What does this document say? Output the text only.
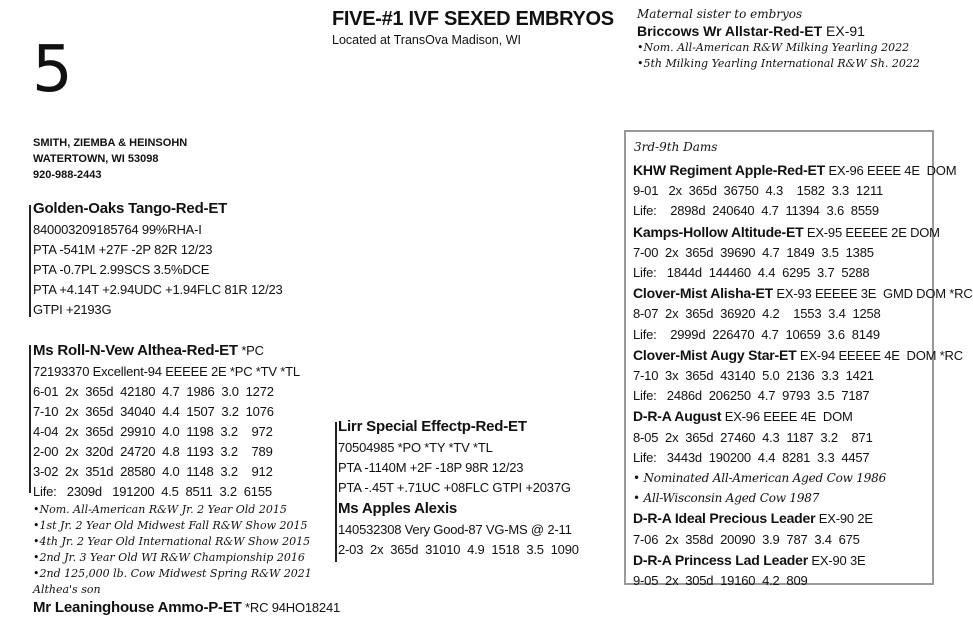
5
FIVE-#1 IVF SEXED EMBRYOS
Located at TransOva Madison, WI
SMITH, ZIEMBA & HEINSOHN
WATERTOWN, WI 53098
920-988-2443
Maternal sister to embryos
Briccows Wr Allstar-Red-ET EX-91
•Nom. All-American R&W Milking Yearling 2022
•5th Milking Yearling International R&W Sh. 2022
Golden-Oaks Tango-Red-ET
840003209185764 99%RHA-I
PTA -541M +27F -2P 82R 12/23
PTA -0.7PL 2.99SCS 3.5%DCE
PTA +4.14T +2.94UDC +1.94FLC 81R 12/23
GTPI +2193G
Ms Roll-N-Vew Althea-Red-ET *PC
72193370 Excellent-94 EEEEE 2E *PC *TV *TL
6-01  2x  365d  42180  4.7  1986  3.0  1272
7-10  2x  365d  34040  4.4  1507  3.2  1076
4-04  2x  365d  29910  4.0  1198  3.2    972
2-00  2x  320d  24720  4.8  1193  3.2    789
3-02  2x  351d  28580  4.0  1148  3.2    912
Life:   2309d   191200  4.5  8511  3.2  6155
•Nom. All-American R&W Jr. 2 Year Old 2015
•1st Jr. 2 Year Old Midwest Fall R&W Show 2015
•4th Jr. 2 Year Old International R&W Show 2015
•2nd Jr. 3 Year Old WI R&W Championship 2016
•2nd 125,000 lb. Cow Midwest Spring R&W 2021
Althea's son
Mr Leaninghouse Ammo-P-ET *RC 94HO18241
Lirr Special Effectp-Red-ET
70504985 *PO *TY *TV *TL
PTA -1140M +2F -18P 98R 12/23
PTA -.45T +.71UC +08FLC GTPI +2037G
Ms Apples Alexis
140532308 Very Good-87 VG-MS @ 2-11
2-03  2x  365d  31010  4.9  1518  3.5  1090
3rd-9th Dams
KHW Regiment Apple-Red-ET EX-96 EEEE 4E  DOM
9-01   2x  365d  36750  4.3    1582  3.3  1211
Life:    2898d  240640  4.7  11394  3.6  8559
Kamps-Hollow Altitude-ET EX-95 EEEEE 2E DOM
7-00  2x  365d  39690  4.7  1849  3.5  1385
Life:   1844d  144460  4.4  6295  3.7  5288
Clover-Mist Alisha-ET EX-93 EEEEE 3E  GMD DOM *RC
8-07  2x  365d  36920  4.2    1553  3.4  1258
Life:    2999d  226470  4.7  10659  3.6  8149
Clover-Mist Augy Star-ET EX-94 EEEEE 4E  DOM *RC
7-10  3x  365d  43140  5.0  2136  3.3  1421
Life:   2486d  206250  4.7  9793  3.5  7187
D-R-A August EX-96 EEEE 4E  DOM
8-05  2x  365d  27460  4.3  1187  3.2    871
Life:   3443d  190200  4.4  8281  3.3  4457
• Nominated All-American Aged Cow 1986
• All-Wisconsin Aged Cow 1987
D-R-A Ideal Precious Leader EX-90 2E
7-06  2x  358d  20090  3.9  787  3.4  675
D-R-A Princess Lad Leader EX-90 3E
9-05  2x  305d  19160  4.2  809
